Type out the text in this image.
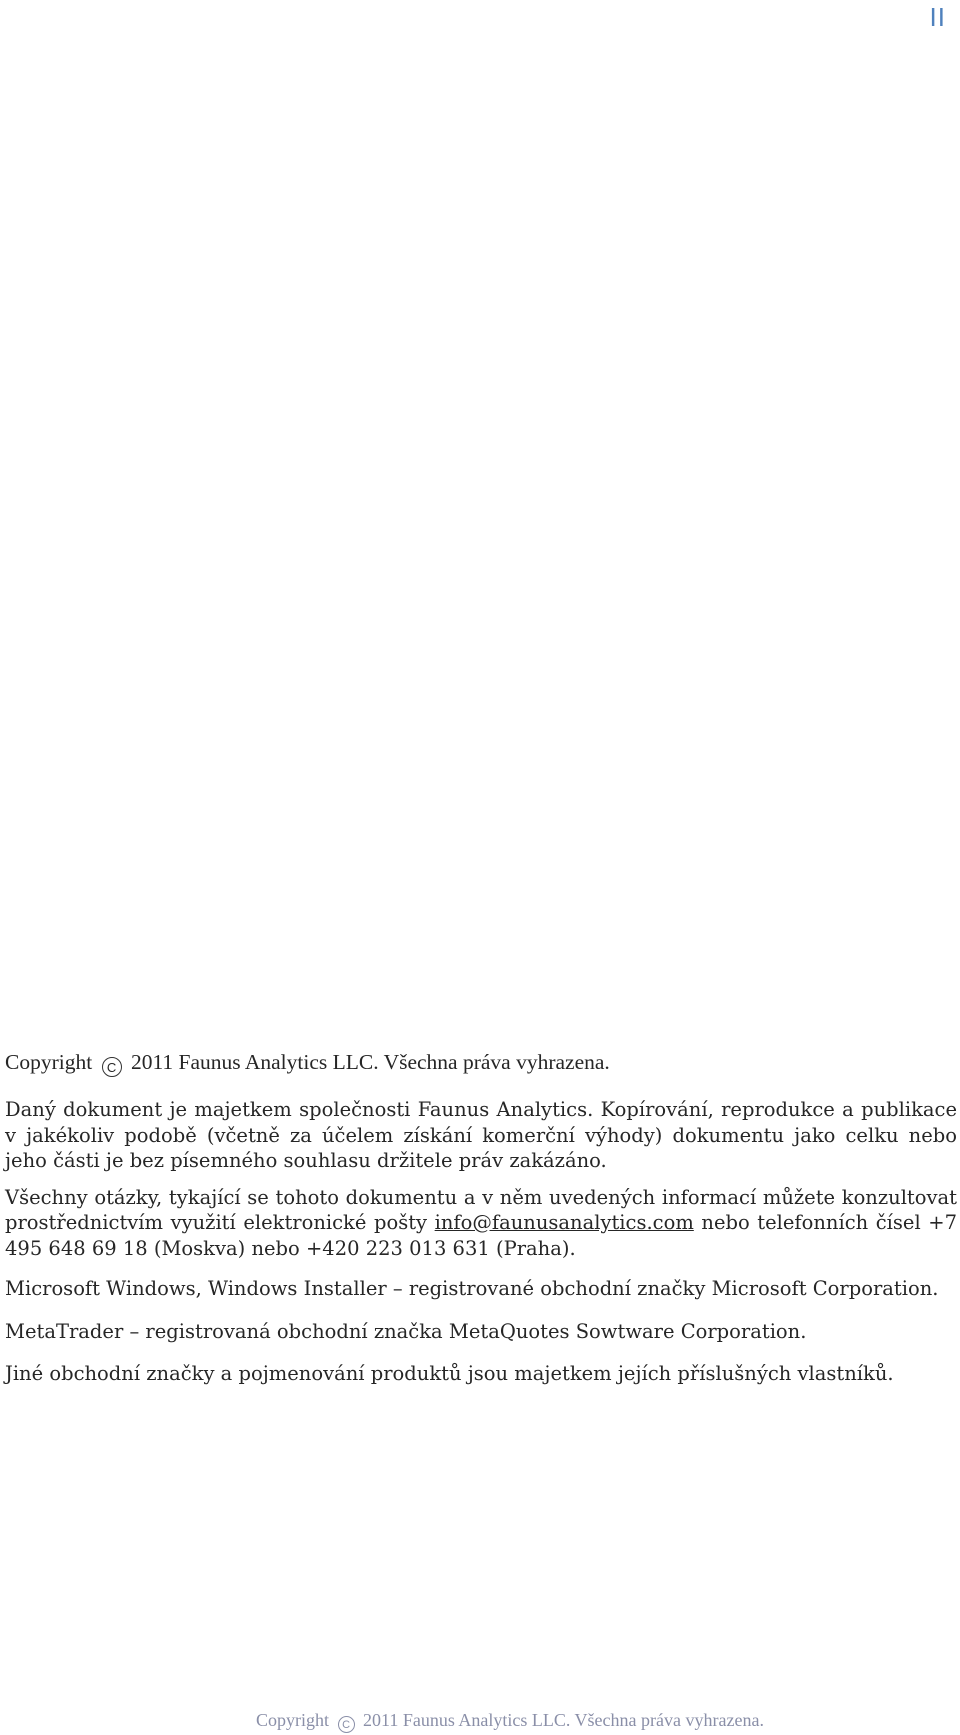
II

Copyright C 2011 Faunus Analytics LLC. Všechna práva vyhrazena.

Daný dokument je majetkem společnosti Faunus Analytics. Kopírování, reprodukce a publikace v jakékoliv podobě (včetně za účelem získání komerční výhody) dokumentu jako celku nebo jeho části je bez písemného souhlasu držitele práv zakázáno.

Všechny otázky, tykající se tohoto dokumentu a v něm uvedených informací můžete konzultovat prostřednictvím využití elektronické pošty info@faunusanalytics.com nebo telefonních čísel +7 495 648 69 18 (Moskva) nebo +420 223 013 631 (Praha).

Microsoft Windows, Windows Installer – registrované obchodní značky Microsoft Corporation.

MetaTrader – registrovaná obchodní značka MetaQuotes Sowtware Corporation.

Jiné obchodní značky a pojmenování produktů jsou majetkem jejích příslušných vlastníků.

Copyright C 2011 Faunus Analytics LLC. Všechna práva vyhrazena.
